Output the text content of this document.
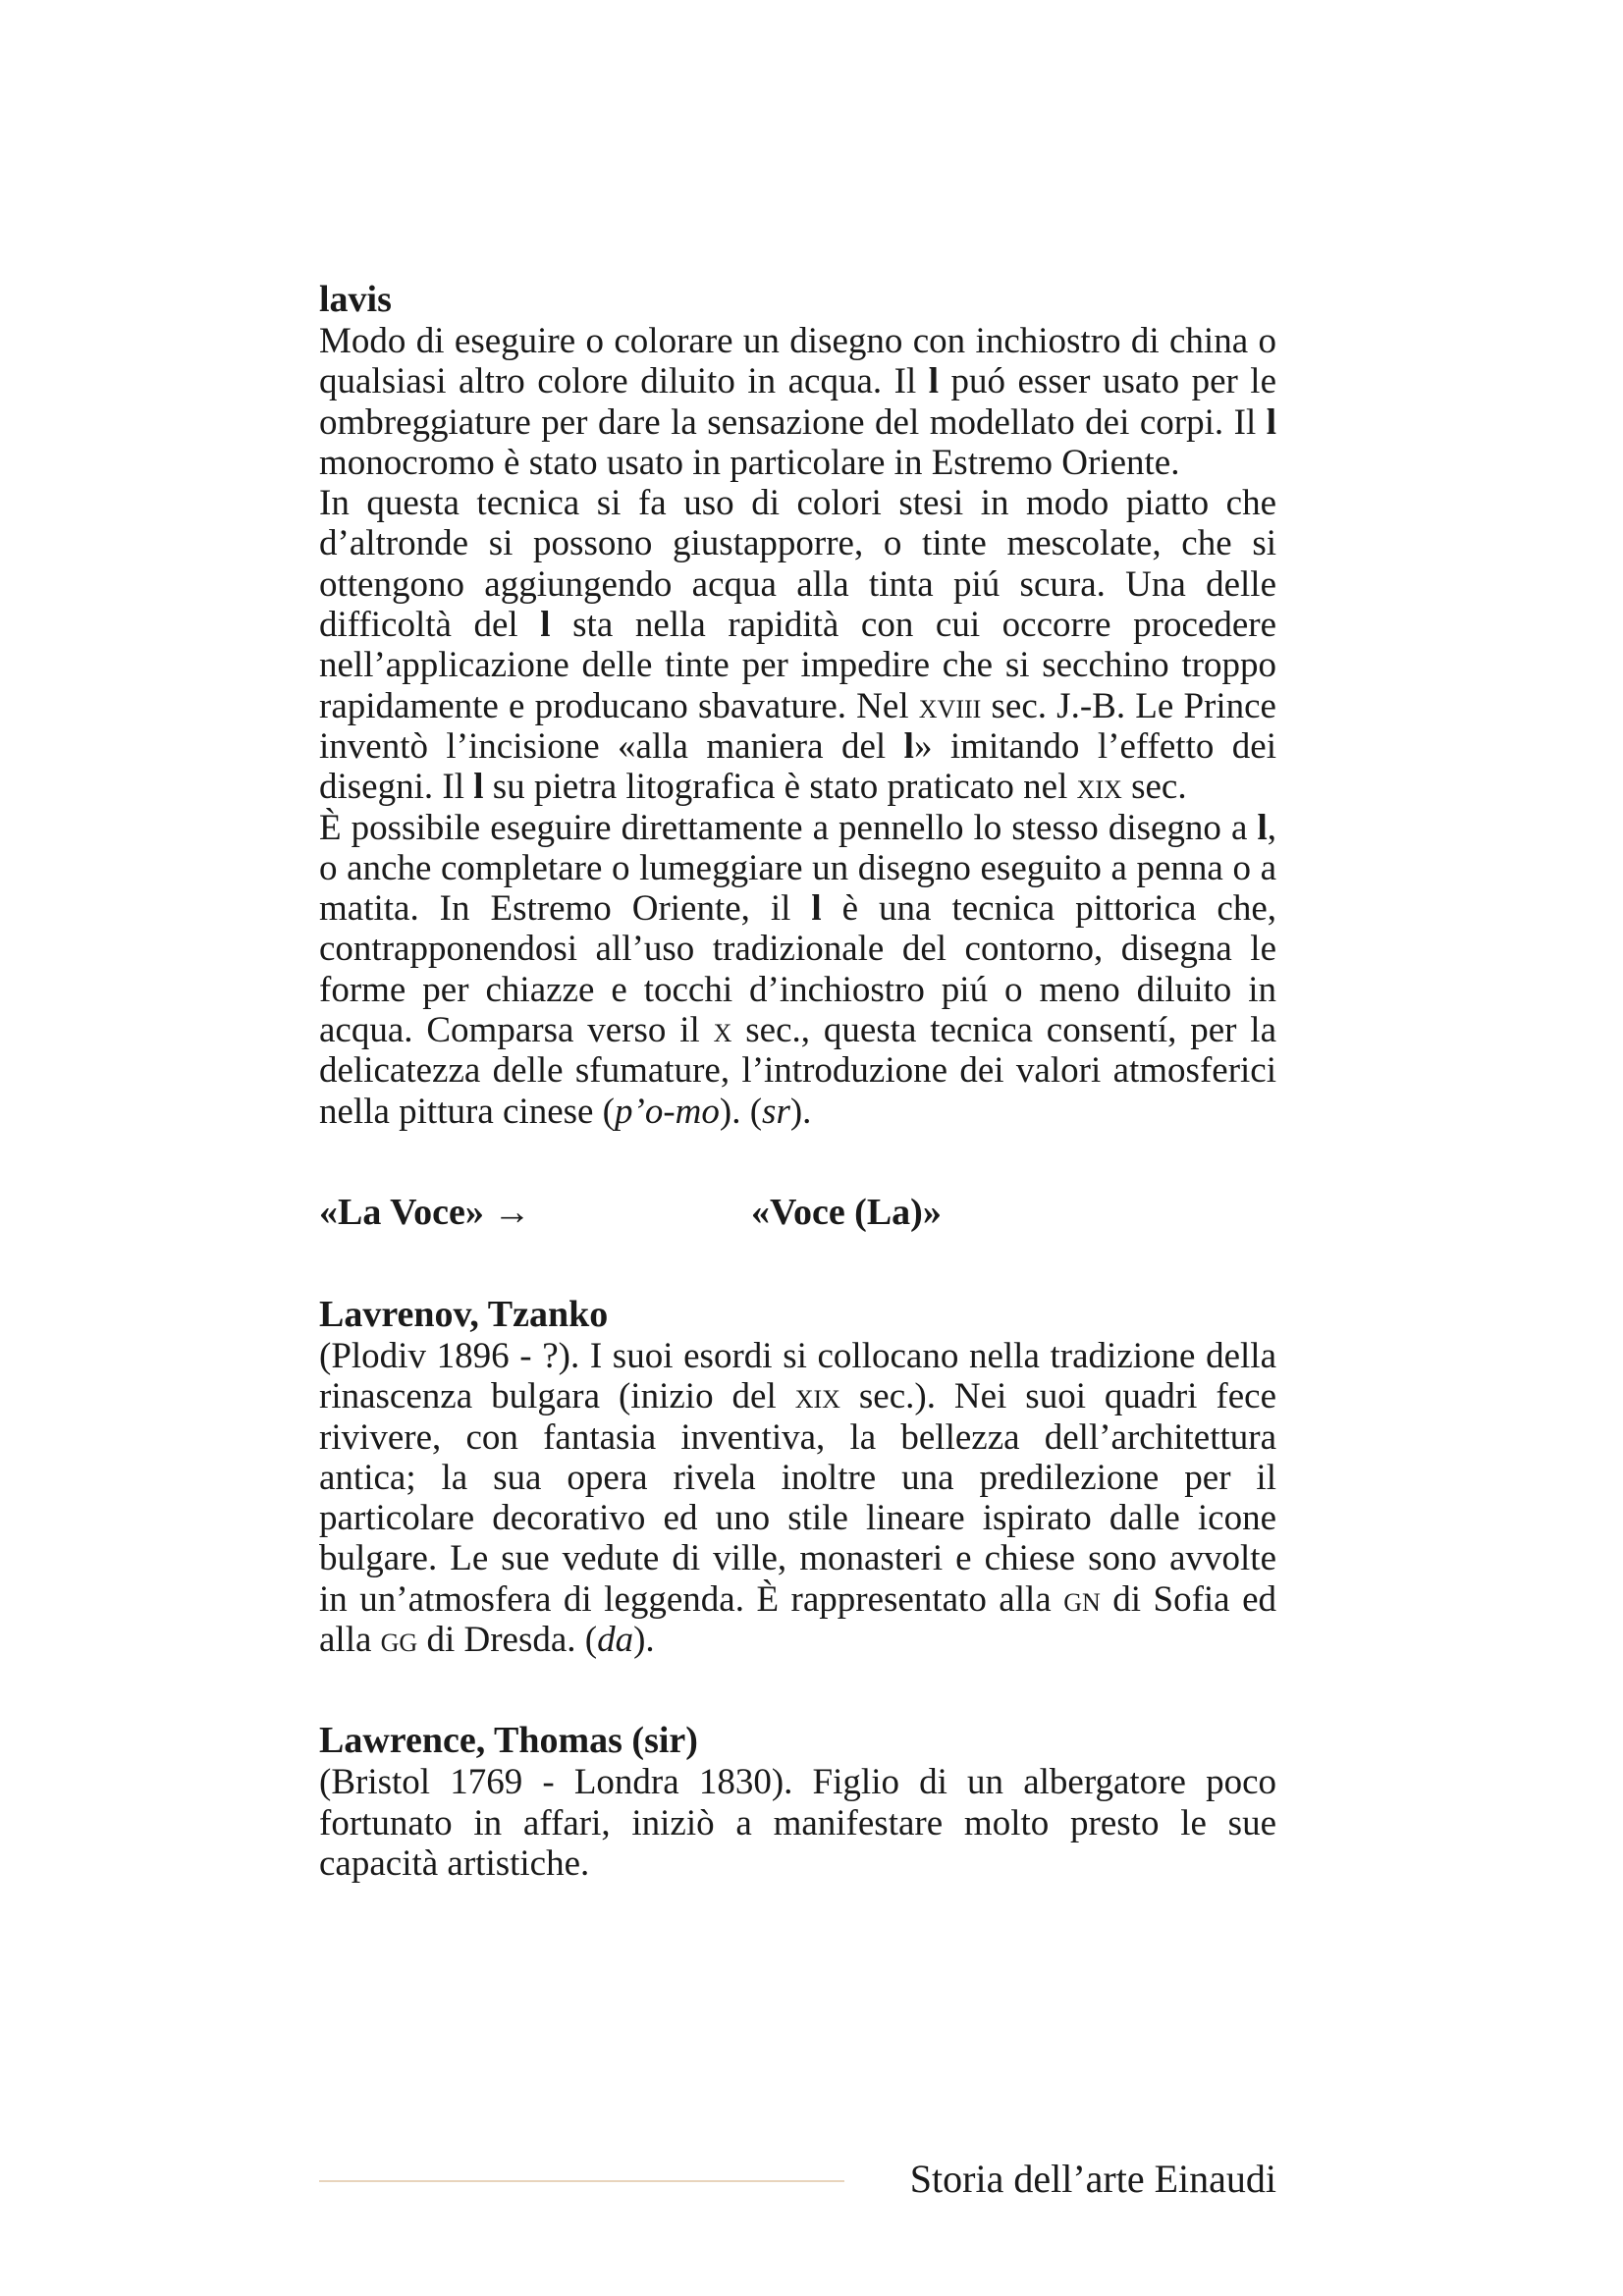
lavis

Modo di eseguire o colorare un disegno con inchiostro di china o qualsiasi altro colore diluito in acqua. Il l puó esser usato per le ombreggiature per dare la sensazione del modellato dei corpi. Il l monocromo è stato usato in particolare in Estremo Oriente.

In questa tecnica si fa uso di colori stesi in modo piatto che d’altronde si possono giustapporre, o tinte mescolate, che si ottengono aggiungendo acqua alla tinta piú scura. Una delle difficoltà del l sta nella rapidità con cui occorre procedere nell’applicazione delle tinte per impedire che si secchino troppo rapidamente e producano sbavature. Nel xviii sec. J.-B. Le Prince inventò l’incisione «alla maniera del l» imitando l’effetto dei disegni. Il l su pietra litografica è stato praticato nel xix sec.

È possibile eseguire direttamente a pennello lo stesso disegno a l, o anche completare o lumeggiare un disegno eseguito a penna o a matita. In Estremo Oriente, il l è una tecnica pittorica che, contrapponendosi all’uso tradizionale del contorno, disegna le forme per chiazze e tocchi d’inchiostro piú o meno diluito in acqua. Comparsa verso il x sec., questa tecnica consentí, per la delicatezza delle sfumature, l’introduzione dei valori atmosferici nella pittura cinese (p’o-mo). (sr).

«La Voce» →	«Voce (La)»
Lavrenov, Tzanko

(Plodiv 1896 - ?). I suoi esordi si collocano nella tradizione della rinascenza bulgara (inizio del xix sec.). Nei suoi quadri fece rivivere, con fantasia inventiva, la bellezza dell’architettura antica; la sua opera rivela inoltre una predilezione per il particolare decorativo ed uno stile lineare ispirato dalle icone bulgare. Le sue vedute di ville, monasteri e chiese sono avvolte in un’atmosfera di leggenda. È rappresentato alla gn di Sofia ed alla gg di Dresda. (da).

Lawrence, Thomas (sir)

(Bristol 1769 - Londra 1830). Figlio di un albergatore poco fortunato in affari, iniziò a manifestare molto presto le sue capacità artistiche.

Storia dell’arte Einaudi
